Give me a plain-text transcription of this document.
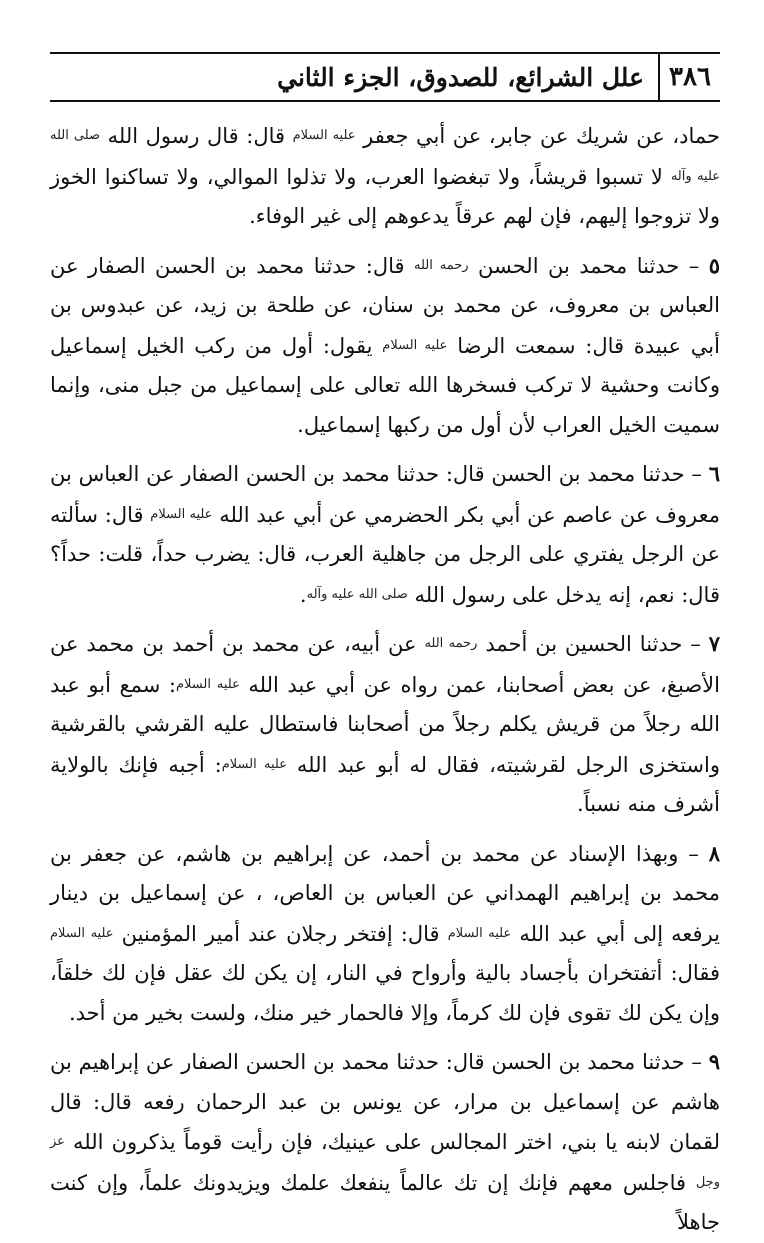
٣٨٦
علل الشرائع، للصدوق، الجزء الثاني

حماد، عن شريك عن جابر، عن أبي جعفر عليه السلام قال: قال رسول الله صلى الله عليه وآله لا تسبوا قريشاً، ولا تبغضوا العرب، ولا تذلوا الموالي، ولا تساكنوا الخوز ولا تزوجوا إليهم، فإن لهم عرقاً يدعوهم إلى غير الوفاء.

٥ – حدثنا محمد بن الحسن رحمه الله قال: حدثنا محمد بن الحسن الصفار عن العباس بن معروف، عن محمد بن سنان، عن طلحة بن زيد، عن عبدوس بن أبي عبيدة قال: سمعت الرضا عليه السلام يقول: أول من ركب الخيل إسماعيل وكانت وحشية لا تركب فسخرها الله تعالى على إسماعيل من جبل منى، وإنما سميت الخيل العراب لأن أول من ركبها إسماعيل.

٦ – حدثنا محمد بن الحسن قال: حدثنا محمد بن الحسن الصفار عن العباس بن معروف عن عاصم عن أبي بكر الحضرمي عن أبي عبد الله عليه السلام قال: سألته عن الرجل يفتري على الرجل من جاهلية العرب، قال: يضرب حداً، قلت: حداً؟ قال: نعم، إنه يدخل على رسول الله صلى الله عليه وآله.

٧ – حدثنا الحسين بن أحمد رحمه الله عن أبيه، عن محمد بن أحمد بن محمد عن الأصبغ، عن بعض أصحابنا، عمن رواه عن أبي عبد الله عليه السلام: سمع أبو عبد الله رجلاً من قريش يكلم رجلاً من أصحابنا فاستطال عليه القرشي بالقرشية واستخزى الرجل لقرشيته، فقال له أبو عبد الله عليه السلام: أجبه فإنك بالولاية أشرف منه نسباً.

٨ – وبهذا الإسناد عن محمد بن أحمد، عن إبراهيم بن هاشم، عن جعفر بن محمد بن إبراهيم الهمداني عن العباس بن العاص، ، عن إسماعيل بن دينار يرفعه إلى أبي عبد الله عليه السلام قال: إفتخر رجلان عند أمير المؤمنين عليه السلام فقال: أتفتخران بأجساد بالية وأرواح في النار، إن يكن لك عقل فإن لك خلقاً، وإن يكن لك تقوى فإن لك كرماً، وإلا فالحمار خير منك، ولست بخير من أحد.

٩ – حدثنا محمد بن الحسن قال: حدثنا محمد بن الحسن الصفار عن إبراهيم بن هاشم عن إسماعيل بن مرار، عن يونس بن عبد الرحمان رفعه قال: قال لقمان لابنه يا بني، اختر المجالس على عينيك، فإن رأيت قوماً يذكرون الله عز وجل فاجلس معهم فإنك إن تك عالماً ينفعك علمك ويزيدونك علماً، وإن كنت جاهلاً
